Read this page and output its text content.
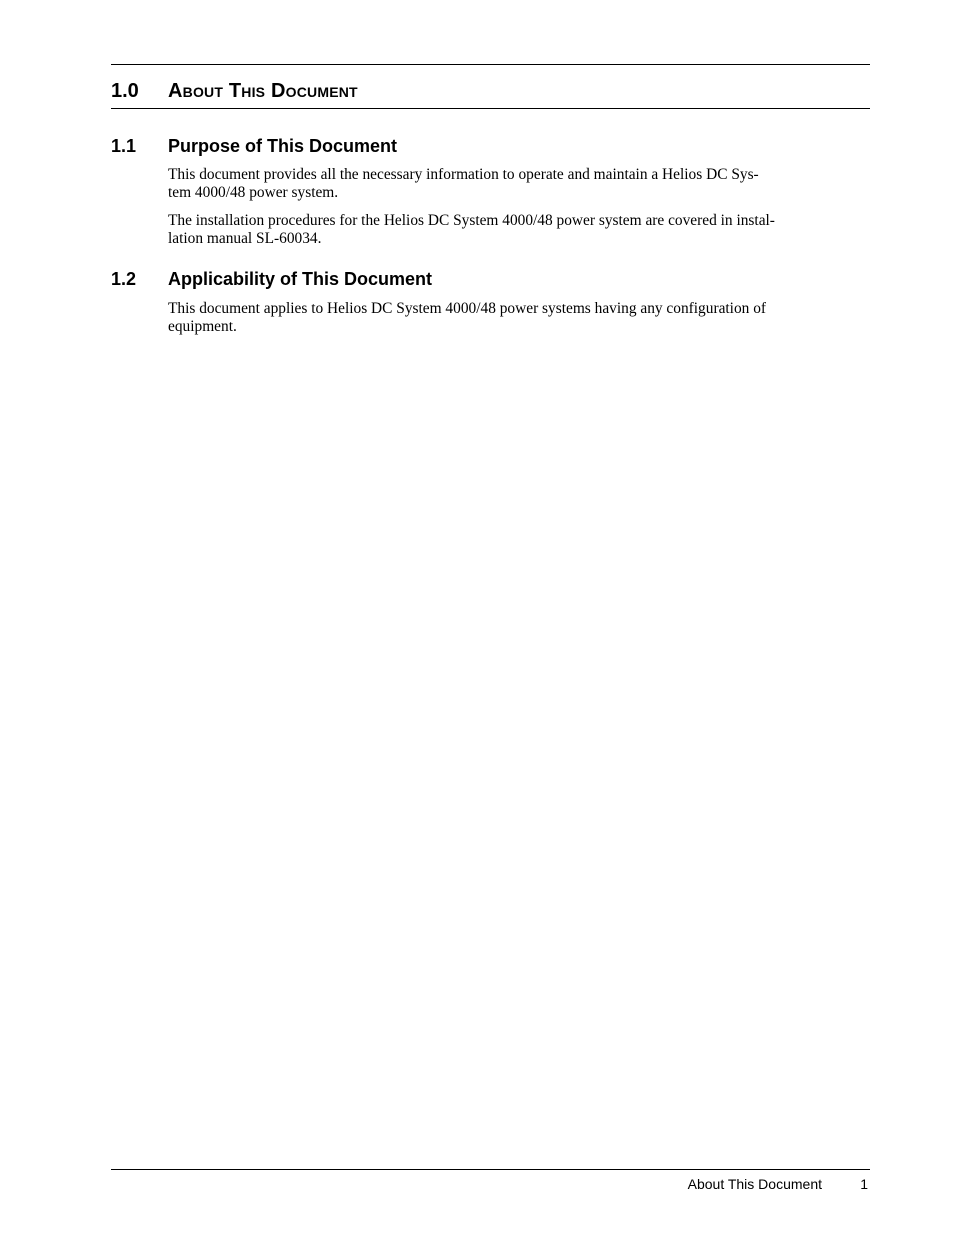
1.0 About This Document
1.1 Purpose of This Document

This document provides all the necessary information to operate and maintain a Helios DC Sys-
tem 4000/48 power system.

The installation procedures for the Helios DC System 4000/48 power system are covered in instal-
lation manual SL-60034.

1.2 Applicability of This Document

This document applies to Helios DC System 4000/48 power systems having any configuration of
equipment.

About This Document	1
